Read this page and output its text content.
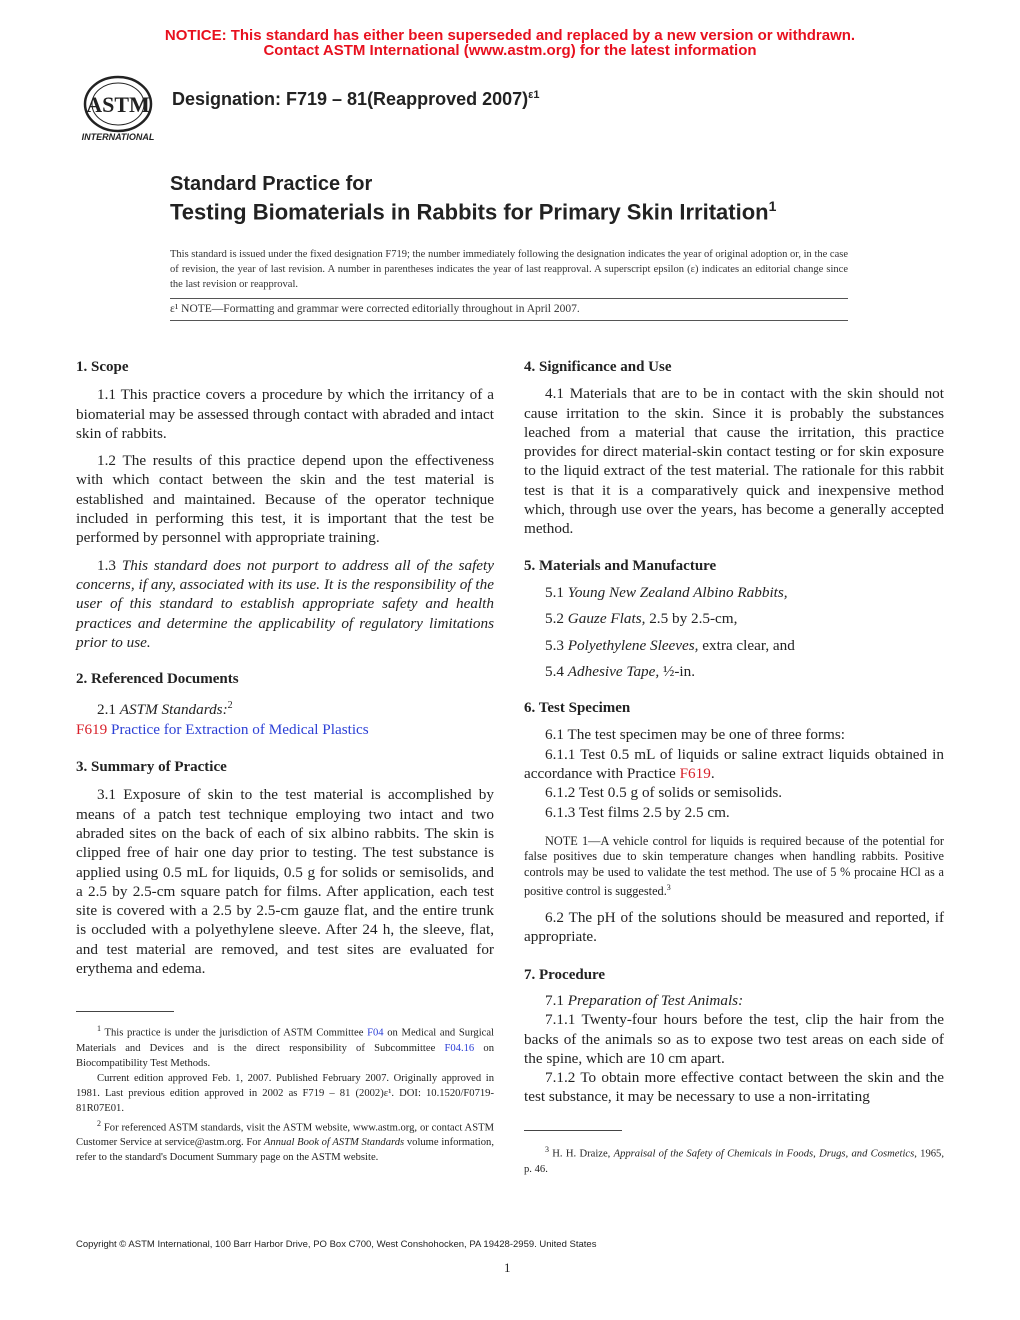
NOTICE: This standard has either been superseded and replaced by a new version or withdrawn.
Contact ASTM International (www.astm.org) for the latest information
ASTM
INTERNATIONAL
Designation: F719 – 81(Reapproved 2007)$^{\varepsilon 1}$
Standard Practice for
Testing Biomaterials in Rabbits for Primary Skin Irritation$^1$
This standard is issued under the fixed designation F719; the number immediately following the designation indicates the year of original adoption or, in the case of revision, the year of last revision. A number in parentheses indicates the year of last reapproval. A superscript epsilon (ε) indicates an editorial change since the last revision or reapproval.
ε¹ NOTE—Formatting and grammar were corrected editorially throughout in April 2007.

1. Scope

1.1 This practice covers a procedure by which the irritancy of a biomaterial may be assessed through contact with abraded and intact skin of rabbits.

1.2 The results of this practice depend upon the effectiveness with which contact between the skin and the test material is established and maintained. Because of the operator technique included in performing this test, it is important that the test be performed by personnel with appropriate training.

1.3 This standard does not purport to address all of the safety concerns, if any, associated with its use. It is the responsibility of the user of this standard to establish appropriate safety and health practices and determine the applicability of regulatory limitations prior to use.

2. Referenced Documents

2.1 ASTM Standards:$^2$

F619 Practice for Extraction of Medical Plastics

3. Summary of Practice

3.1 Exposure of skin to the test material is accomplished by means of a patch test technique employing two intact and two abraded sites on the back of each of six albino rabbits. The skin is clipped free of hair one day prior to testing. The test substance is applied using 0.5 mL for liquids, 0.5 g for solids or semisolids, and a 2.5 by 2.5-cm square patch for films. After application, each test site is covered with a 2.5 by 2.5-cm gauze flat, and the entire trunk is occluded with a polyethylene sleeve. After 24 h, the sleeve, flat, and test material are removed, and test sites are evaluated for erythema and edema.

$^1$ This practice is under the jurisdiction of ASTM Committee F04 on Medical and Surgical Materials and Devices and is the direct responsibility of Subcommittee F04.16 on Biocompatibility Test Methods.

Current edition approved Feb. 1, 2007. Published February 2007. Originally approved in 1981. Last previous edition approved in 2002 as F719 – 81 (2002)ε¹. DOI: 10.1520/F0719-81R07E01.

$^2$ For referenced ASTM standards, visit the ASTM website, www.astm.org, or contact ASTM Customer Service at service@astm.org. For Annual Book of ASTM Standards volume information, refer to the standard's Document Summary page on the ASTM website.

4. Significance and Use

4.1 Materials that are to be in contact with the skin should not cause irritation to the skin. Since it is probably the substances leached from a material that cause the irritation, this practice provides for direct material-skin contact testing or for skin exposure to the liquid extract of the test material. The rationale for this rabbit test is that it is a comparatively quick and inexpensive method which, through use over the years, has become a generally accepted method.

5. Materials and Manufacture

5.1 Young New Zealand Albino Rabbits,

5.2 Gauze Flats, 2.5 by 2.5-cm,

5.3 Polyethylene Sleeves, extra clear, and

5.4 Adhesive Tape, ½-in.

6. Test Specimen

6.1 The test specimen may be one of three forms:

6.1.1 Test 0.5 mL of liquids or saline extract liquids obtained in accordance with Practice F619.

6.1.2 Test 0.5 g of solids or semisolids.

6.1.3 Test films 2.5 by 2.5 cm.

NOTE 1—A vehicle control for liquids is required because of the potential for false positives due to skin temperature changes when handling rabbits. Positive controls may be used to validate the test method. The use of 5 % procaine HCl as a positive control is suggested.$^3$

6.2 The pH of the solutions should be measured and reported, if appropriate.

7. Procedure

7.1 Preparation of Test Animals:

7.1.1 Twenty-four hours before the test, clip the hair from the backs of the animals so as to expose two test areas on each side of the spine, which are 10 cm apart.

7.1.2 To obtain more effective contact between the skin and the test substance, it may be necessary to use a non-irritating

$^3$ H. H. Draize, Appraisal of the Safety of Chemicals in Foods, Drugs, and Cosmetics, 1965, p. 46.

Copyright © ASTM International, 100 Barr Harbor Drive, PO Box C700, West Conshohocken, PA 19428-2959. United States
1
